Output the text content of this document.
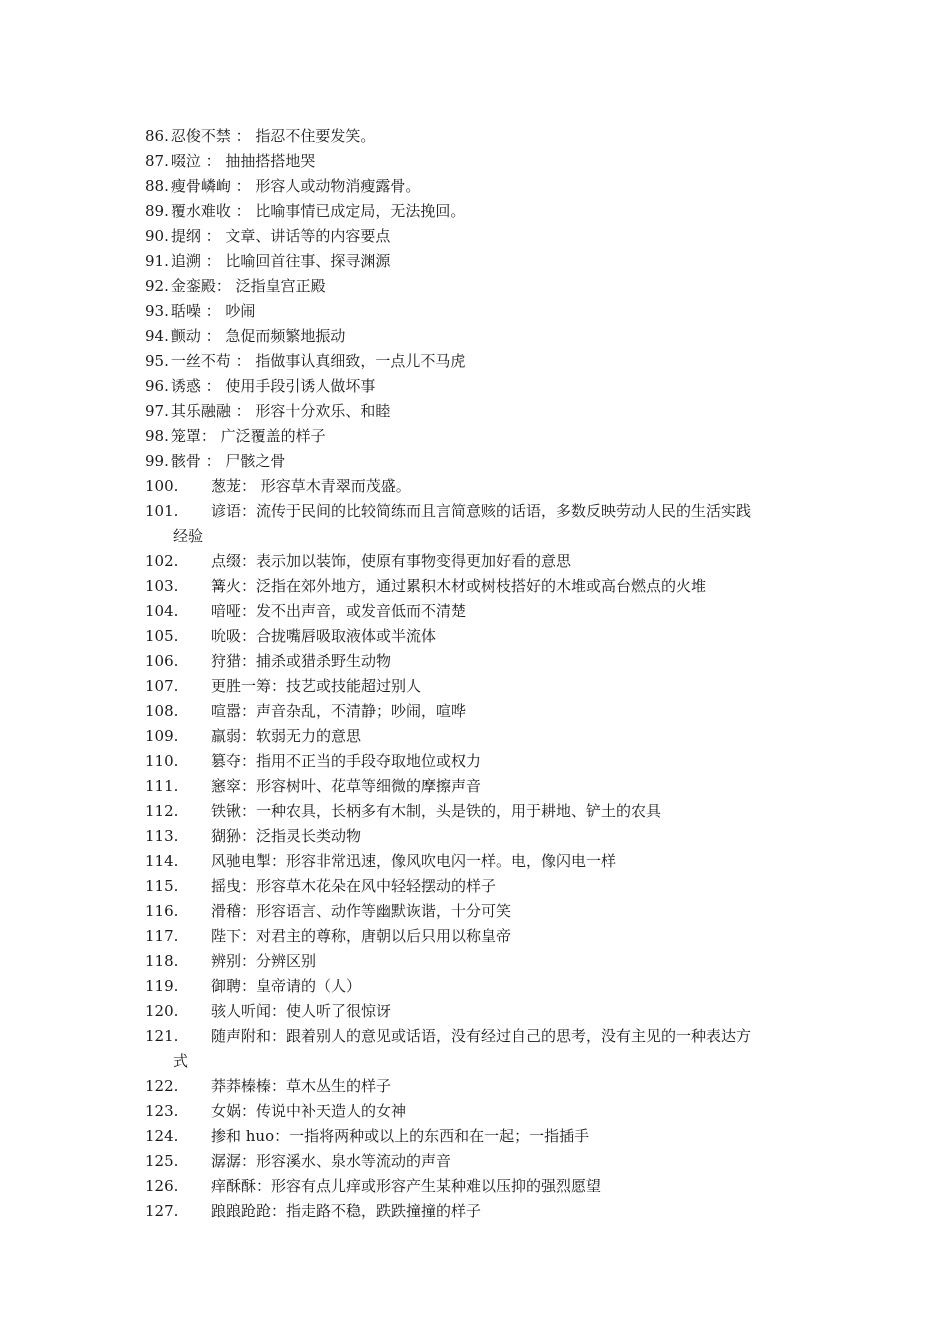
86. 忍俊不禁 ： 指忍不住要发笑。
87. 啜泣 ： 抽抽搭搭地哭
88. 瘦骨嶙峋 ： 形容人或动物消瘦露骨。
89. 覆水难收 ： 比喻事情已成定局，无法挽回。
90. 提纲 ： 文章、讲话等的内容要点
91. 追溯 ： 比喻回首往事、探寻渊源
92. 金銮殿： 泛指皇宫正殿
93. 聒噪 ： 吵闹
94. 颤动 ： 急促而频繁地振动
95. 一丝不苟 ： 指做事认真细致，一点儿不马虎
96. 诱惑 ： 使用手段引诱人做坏事
97. 其乐融融 ： 形容十分欢乐、和睦
98. 笼罩： 广泛覆盖的样子
99. 骸骨 ： 尸骸之骨
100. 葱茏： 形容草木青翠而茂盛。
101. 谚语：流传于民间的比较简练而且言简意赅的话语，多数反映劳动人民的生活实践
经验
102. 点缀：表示加以装饰，使原有事物变得更加好看的意思
103. 篝火：泛指在郊外地方，通过累积木材或树枝搭好的木堆或高台燃点的火堆
104. 喑哑：发不出声音，或发音低而不清楚
105. 吮吸：合拢嘴唇吸取液体或半流体
106. 狩猎：捕杀或猎杀野生动物
107. 更胜一筹：技艺或技能超过别人
108. 喧嚣：声音杂乱，不清静；吵闹，喧哗
109. 羸弱：软弱无力的意思
110. 篡夺：指用不正当的手段夺取地位或权力
111. 窸窣：形容树叶、花草等细微的摩擦声音
112. 铁锹：一种农具，长柄多有木制，头是铁的，用于耕地、铲土的农具
113. 猢狲：泛指灵长类动物
114. 风驰电掣：形容非常迅速，像风吹电闪一样。电，像闪电一样
115. 摇曳：形容草木花朵在风中轻轻摆动的样子
116. 滑稽：形容语言、动作等幽默诙谐，十分可笑
117. 陛下：对君主的尊称，唐朝以后只用以称皇帝
118. 辨别：分辨区别
119. 御聘：皇帝请的（人）
120. 骇人听闻：使人听了很惊讶
121. 随声附和：跟着别人的意见或话语，没有经过自己的思考，没有主见的一种表达方
式
122. 莽莽榛榛：草木丛生的样子
123. 女娲：传说中补天造人的女神
124. 掺和 huo：一指将两种或以上的东西和在一起；一指插手
125. 潺潺：形容溪水、泉水等流动的声音
126. 痒酥酥：形容有点儿痒或形容产生某种难以压抑的强烈愿望
127. 踉踉跄跄：指走路不稳，跌跌撞撞的样子
